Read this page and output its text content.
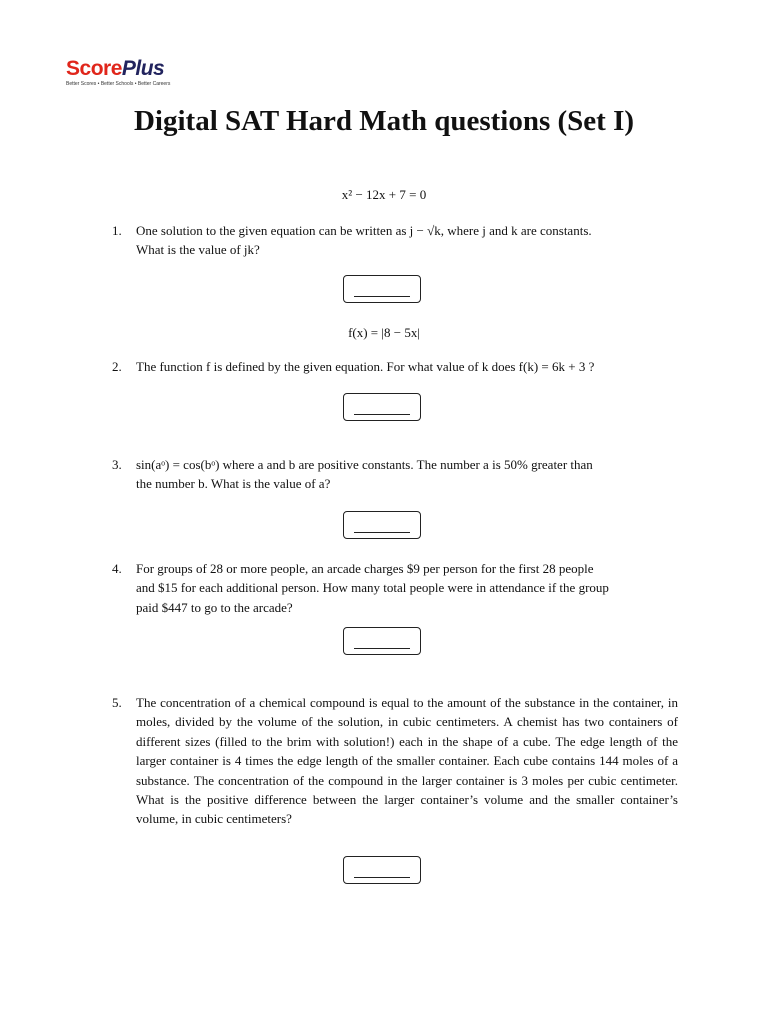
ScorePlus
Better Scores • Better Schools • Better Careers
Digital SAT Hard Math questions (Set I)
x² − 12x + 7 = 0
1. One solution to the given equation can be written as j − √k, where j and k are constants.
What is the value of jk?
f(x) = |8 − 5x|
2. The function f is defined by the given equation. For what value of k does f(k) = 6k + 3 ?
3. sin(aᵒ) = cos(bᵒ) where a and b are positive constants. The number a is 50% greater than
the number b. What is the value of a?
4. For groups of 28 or more people, an arcade charges $9 per person for the first 28 people
and $15 for each additional person. How many total people were in attendance if the group
paid $447 to go to the arcade?
5. The concentration of a chemical compound is equal to the amount of the substance in the container, in moles, divided by the volume of the solution, in cubic centimeters. A chemist has two containers of different sizes (filled to the brim with solution!) each in the shape of a cube. The edge length of the larger container is 4 times the edge length of the smaller container. Each cube contains 144 moles of a substance. The concentration of the compound in the larger container is 3 moles per cubic centimeter. What is the positive difference between the larger container’s volume and the smaller container’s volume, in cubic centimeters?
